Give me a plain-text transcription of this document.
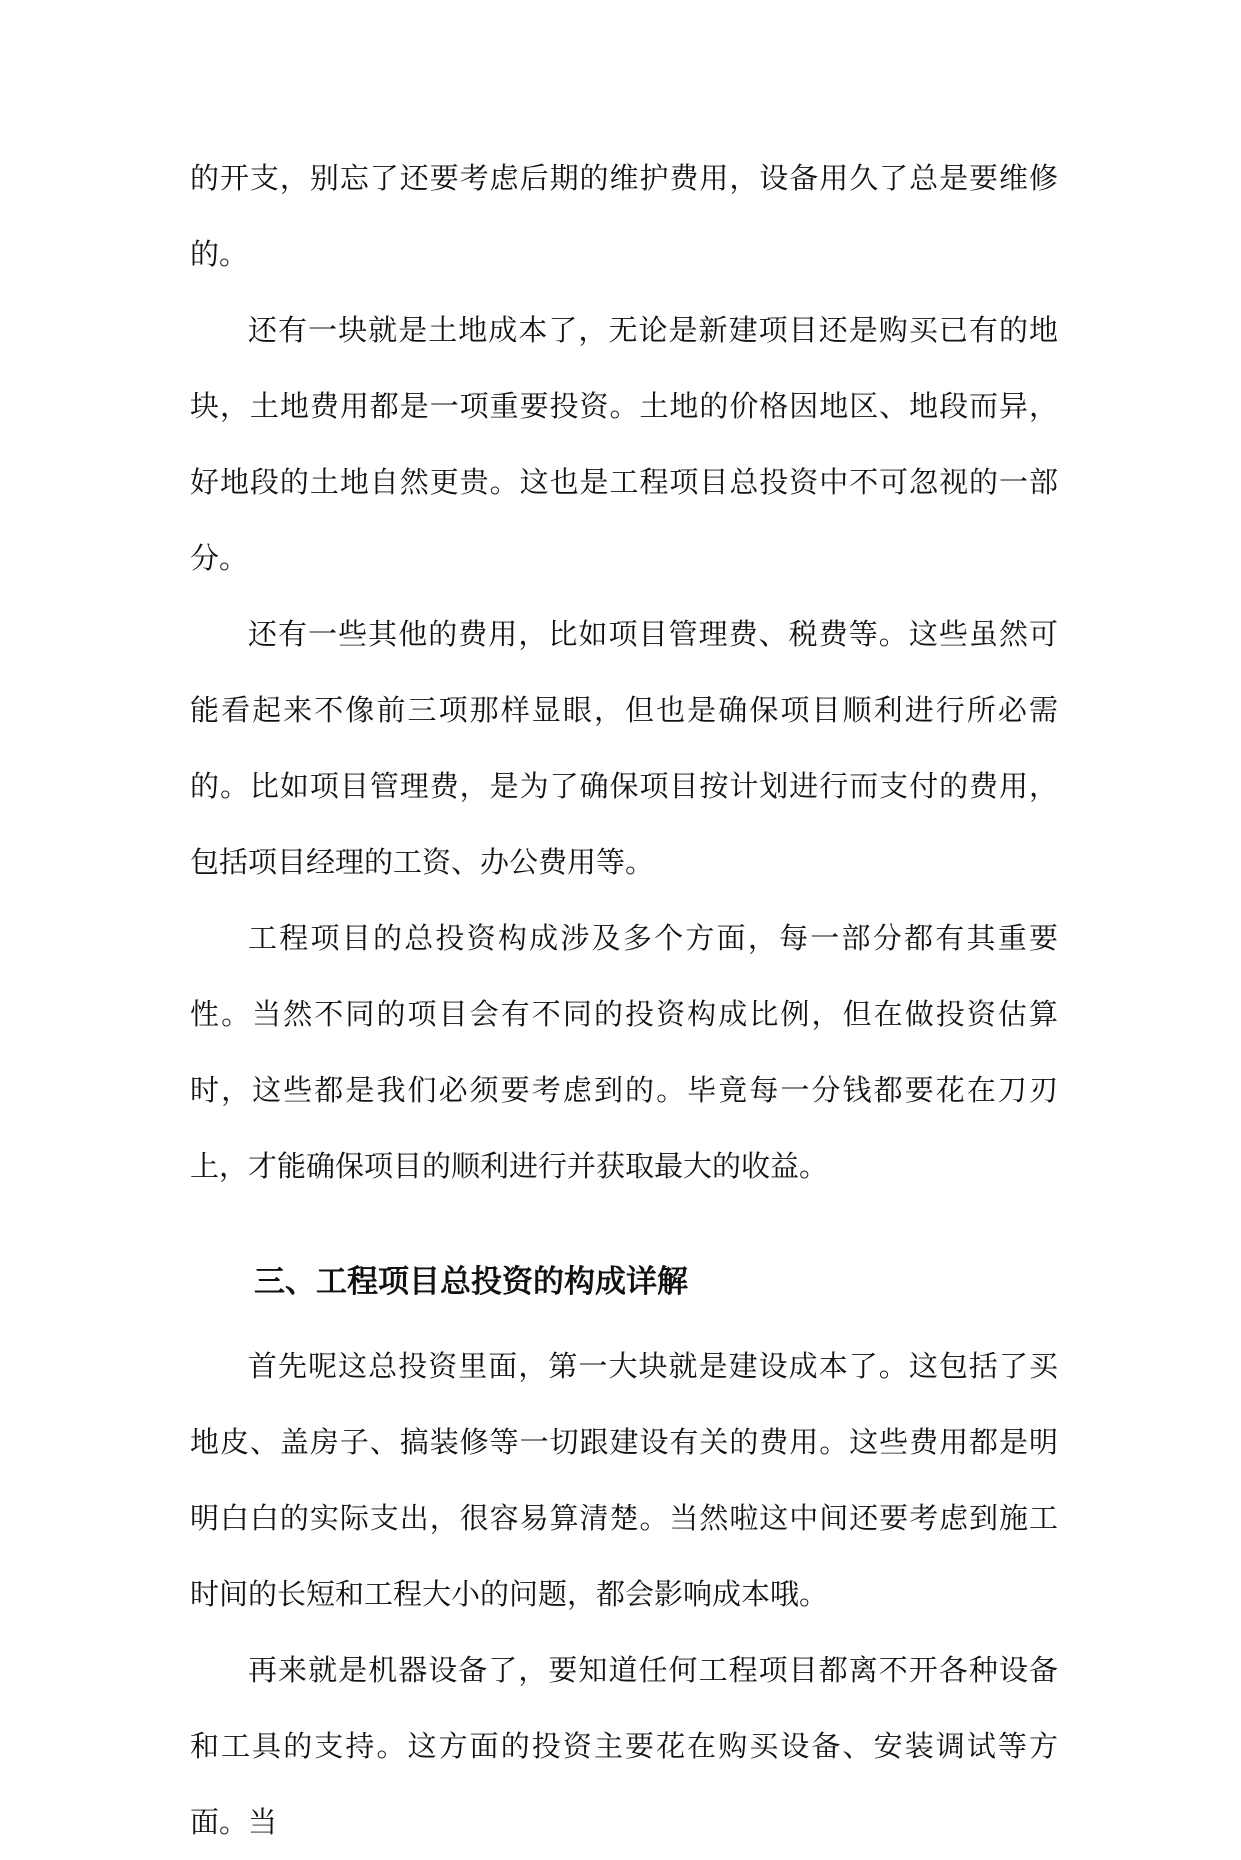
的开支，别忘了还要考虑后期的维护费用，设备用久了总是要维修的。

还有一块就是土地成本了，无论是新建项目还是购买已有的地块，土地费用都是一项重要投资。土地的价格因地区、地段而异，好地段的土地自然更贵。这也是工程项目总投资中不可忽视的一部分。

还有一些其他的费用，比如项目管理费、税费等。这些虽然可能看起来不像前三项那样显眼，但也是确保项目顺利进行所必需的。比如项目管理费，是为了确保项目按计划进行而支付的费用，包括项目经理的工资、办公费用等。

工程项目的总投资构成涉及多个方面，每一部分都有其重要性。当然不同的项目会有不同的投资构成比例，但在做投资估算时，这些都是我们必须要考虑到的。毕竟每一分钱都要花在刀刃上，才能确保项目的顺利进行并获取最大的收益。

三、工程项目总投资的构成详解

首先呢这总投资里面，第一大块就是建设成本了。这包括了买地皮、盖房子、搞装修等一切跟建设有关的费用。这些费用都是明明白白的实际支出，很容易算清楚。当然啦这中间还要考虑到施工时间的长短和工程大小的问题，都会影响成本哦。

再来就是机器设备了，要知道任何工程项目都离不开各种设备和工具的支持。这方面的投资主要花在购买设备、安装调试等方面。当
